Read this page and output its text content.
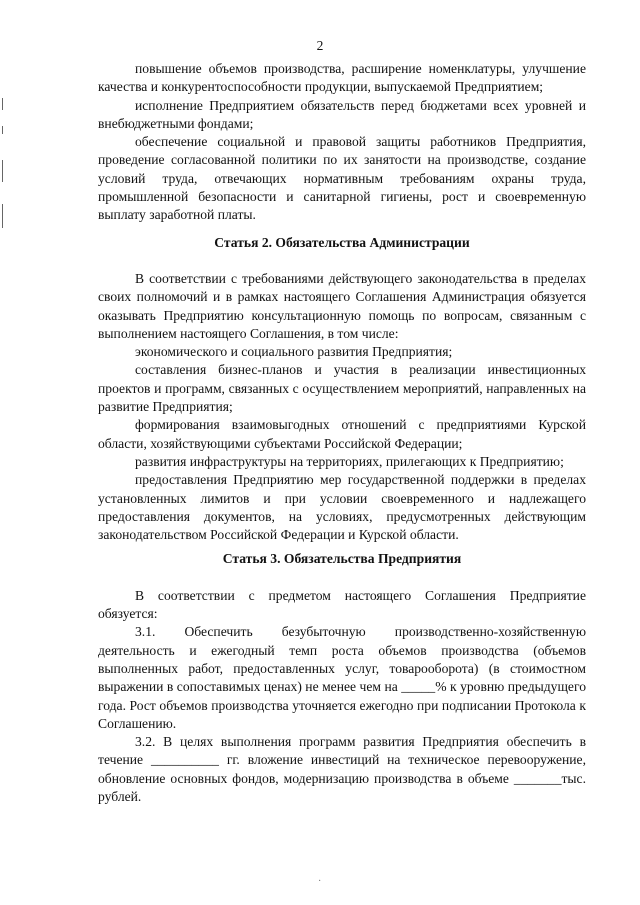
2

повышение объемов производства, расширение номенклатуры, улучшение качества и конкурентоспособности продукции, выпускаемой Предприятием;

исполнение Предприятием обязательств перед бюджетами всех уровней и внебюджетными фондами;

обеспечение социальной и правовой защиты работников Предприятия, проведение согласованной политики по их занятости на производстве, создание условий труда, отвечающих нормативным требованиям охраны труда, промышленной безопасности и санитарной гигиены, рост и своевременную выплату заработной платы.

Статья 2. Обязательства Администрации

В соответствии с требованиями действующего законодательства в пределах своих полномочий и в рамках настоящего Соглашения Администрация обязуется оказывать Предприятию консультационную помощь по вопросам, связанным с выполнением настоящего Соглашения, в том числе:

экономического и социального развития Предприятия;

составления бизнес-планов и участия в реализации инвестиционных проектов и программ, связанных с осуществлением мероприятий, направленных на развитие Предприятия;

формирования взаимовыгодных отношений с предприятиями Курской области, хозяйствующими субъектами Российской Федерации;

развития инфраструктуры на территориях, прилегающих к Предприятию;

предоставления Предприятию мер государственной поддержки в пределах установленных лимитов и при условии своевременного и надлежащего предоставления документов, на условиях, предусмотренных действующим законодательством Российской Федерации и Курской области.

Статья 3. Обязательства Предприятия

В соответствии с предметом настоящего Соглашения Предприятие обязуется:

3.1. Обеспечить безубыточную производственно-хозяйственную деятельность и ежегодный темп роста объемов производства (объемов выполненных работ, предоставленных услуг, товарооборота) (в стоимостном выражении в сопоставимых ценах) не менее чем на _____% к уровню предыдущего года. Рост объемов производства уточняется ежегодно при подписании Протокола к Соглашению.

3.2. В целях выполнения программ развития Предприятия обеспечить в течение __________ гг. вложение инвестиций на техническое перевооружение, обновление основных фондов, модернизацию производства в объеме _______тыс. рублей.

·
